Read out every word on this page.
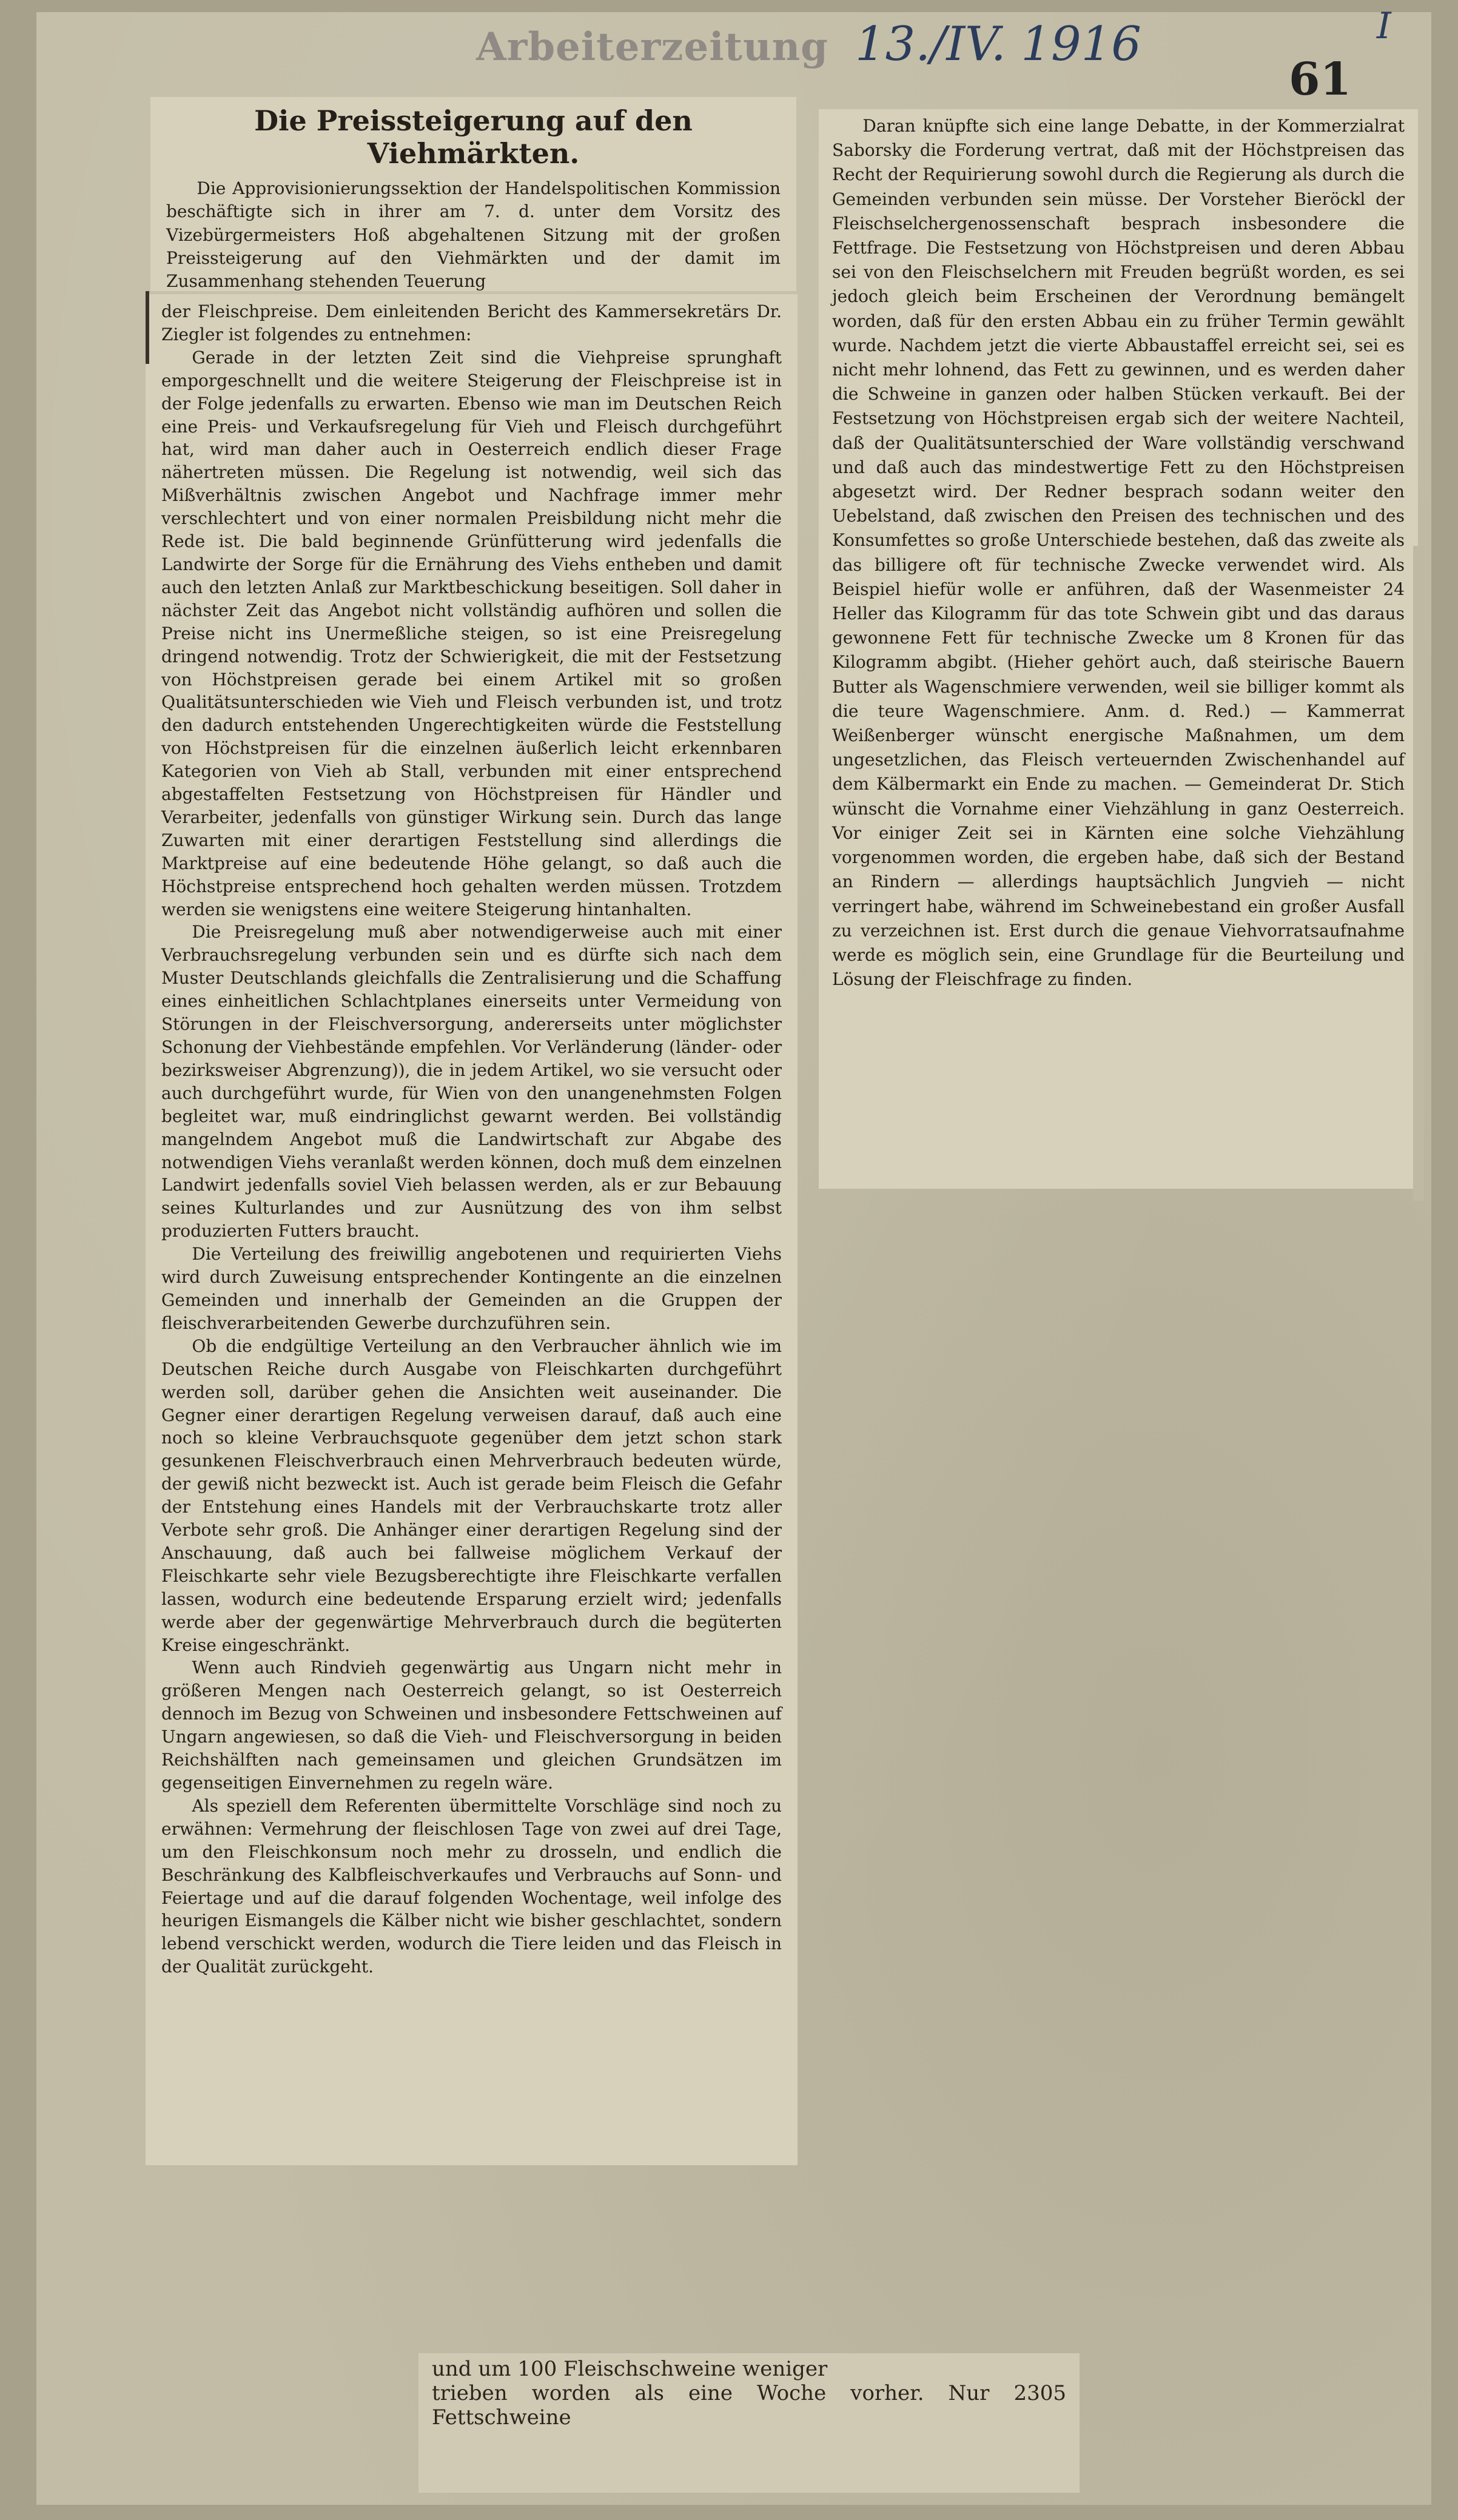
Arbeiterzeitung 13./IV. 1916	I
61
Die Preissteigerung auf den Viehmärkten.

Die Approvisionierungssektion der Handelspolitischen Kommission beschäftigte sich in ihrer am 7. d. unter dem Vorsitz des Vizebürgermeisters Hoß abgehaltenen Sitzung mit der großen Preissteigerung auf den Viehmärkten und der damit im Zusammenhang stehenden Teuerung

der Fleischpreise. Dem einleitenden Bericht des Kammersekretärs Dr. Ziegler ist folgendes zu entnehmen:

Gerade in der letzten Zeit sind die Viehpreise sprunghaft emporgeschnellt und die weitere Steigerung der Fleischpreise ist in der Folge jedenfalls zu erwarten. Ebenso wie man im Deutschen Reich eine Preis- und Verkaufsregelung für Vieh und Fleisch durchgeführt hat, wird man daher auch in Oesterreich endlich dieser Frage nähertreten müssen. Die Regelung ist notwendig, weil sich das Mißverhältnis zwischen Angebot und Nachfrage immer mehr verschlechtert und von einer normalen Preisbildung nicht mehr die Rede ist. Die bald beginnende Grünfütterung wird jedenfalls die Landwirte der Sorge für die Ernährung des Viehs entheben und damit auch den letzten Anlaß zur Marktbeschickung beseitigen. Soll daher in nächster Zeit das Angebot nicht vollständig aufhören und sollen die Preise nicht ins Unermeßliche steigen, so ist eine Preisregelung dringend notwendig. Trotz der Schwierigkeit, die mit der Festsetzung von Höchstpreisen gerade bei einem Artikel mit so großen Qualitätsunterschieden wie Vieh und Fleisch verbunden ist, und trotz den dadurch entstehenden Ungerechtigkeiten würde die Feststellung von Höchstpreisen für die einzelnen äußerlich leicht erkennbaren Kategorien von Vieh ab Stall, verbunden mit einer entsprechend abgestaffelten Festsetzung von Höchstpreisen für Händler und Verarbeiter, jedenfalls von günstiger Wirkung sein. Durch das lange Zuwarten mit einer derartigen Feststellung sind allerdings die Marktpreise auf eine bedeutende Höhe gelangt, so daß auch die Höchstpreise entsprechend hoch gehalten werden müssen. Trotzdem werden sie wenigstens eine weitere Steigerung hintanhalten.

Die Preisregelung muß aber notwendigerweise auch mit einer Verbrauchsregelung verbunden sein und es dürfte sich nach dem Muster Deutschlands gleichfalls die Zentralisierung und die Schaffung eines einheitlichen Schlachtplanes einerseits unter Vermeidung von Störungen in der Fleischversorgung, andererseits unter möglichster Schonung der Viehbestände empfehlen. Vor Verländerung (länder- oder bezirksweiser Abgrenzung)), die in jedem Artikel, wo sie versucht oder auch durchgeführt wurde, für Wien von den unangenehmsten Folgen begleitet war, muß eindringlichst gewarnt werden. Bei vollständig mangelndem Angebot muß die Landwirtschaft zur Abgabe des notwendigen Viehs veranlaßt werden können, doch muß dem einzelnen Landwirt jedenfalls soviel Vieh belassen werden, als er zur Bebauung seines Kulturlandes und zur Ausnützung des von ihm selbst produzierten Futters braucht.

Die Verteilung des freiwillig angebotenen und requirierten Viehs wird durch Zuweisung entsprechender Kontingente an die einzelnen Gemeinden und innerhalb der Gemeinden an die Gruppen der fleischverarbeitenden Gewerbe durchzuführen sein.

Ob die endgültige Verteilung an den Verbraucher ähnlich wie im Deutschen Reiche durch Ausgabe von Fleischkarten durchgeführt werden soll, darüber gehen die Ansichten weit auseinander. Die Gegner einer derartigen Regelung verweisen darauf, daß auch eine noch so kleine Verbrauchsquote gegenüber dem jetzt schon stark gesunkenen Fleischverbrauch einen Mehrverbrauch bedeuten würde, der gewiß nicht bezweckt ist. Auch ist gerade beim Fleisch die Gefahr der Entstehung eines Handels mit der Verbrauchskarte trotz aller Verbote sehr groß. Die Anhänger einer derartigen Regelung sind der Anschauung, daß auch bei fallweise möglichem Verkauf der Fleischkarte sehr viele Bezugsberechtigte ihre Fleischkarte verfallen lassen, wodurch eine bedeutende Ersparung erzielt wird; jedenfalls werde aber der gegenwärtige Mehrverbrauch durch die begüterten Kreise eingeschränkt.

Wenn auch Rindvieh gegenwärtig aus Ungarn nicht mehr in größeren Mengen nach Oesterreich gelangt, so ist Oesterreich dennoch im Bezug von Schweinen und insbesondere Fettschweinen auf Ungarn angewiesen, so daß die Vieh- und Fleischversorgung in beiden Reichshälften nach gemeinsamen und gleichen Grundsätzen im gegenseitigen Einvernehmen zu regeln wäre.

Als speziell dem Referenten übermittelte Vorschläge sind noch zu erwähnen: Vermehrung der fleischlosen Tage von zwei auf drei Tage, um den Fleischkonsum noch mehr zu drosseln, und endlich die Beschränkung des Kalbfleischverkaufes und Verbrauchs auf Sonn- und Feiertage und auf die darauf folgenden Wochentage, weil infolge des heurigen Eismangels die Kälber nicht wie bisher geschlachtet, sondern lebend verschickt werden, wodurch die Tiere leiden und das Fleisch in der Qualität zurückgeht.

Daran knüpfte sich eine lange Debatte, in der Kommerzialrat Saborsky die Forderung vertrat, daß mit der Höchstpreisen das Recht der Requirierung sowohl durch die Regierung als durch die Gemeinden verbunden sein müsse. Der Vorsteher Bieröckl der Fleischselchergenossenschaft besprach insbesondere die Fettfrage. Die Festsetzung von Höchstpreisen und deren Abbau sei von den Fleischselchern mit Freuden begrüßt worden, es sei jedoch gleich beim Erscheinen der Verordnung bemängelt worden, daß für den ersten Abbau ein zu früher Termin gewählt wurde. Nachdem jetzt die vierte Abbaustaffel erreicht sei, sei es nicht mehr lohnend, das Fett zu gewinnen, und es werden daher die Schweine in ganzen oder halben Stücken verkauft. Bei der Festsetzung von Höchstpreisen ergab sich der weitere Nachteil, daß der Qualitätsunterschied der Ware vollständig verschwand und daß auch das mindestwertige Fett zu den Höchstpreisen abgesetzt wird. Der Redner besprach sodann weiter den Uebelstand, daß zwischen den Preisen des technischen und des Konsumfettes so große Unterschiede bestehen, daß das zweite als das billigere oft für technische Zwecke verwendet wird. Als Beispiel hiefür wolle er anführen, daß der Wasenmeister 24 Heller das Kilogramm für das tote Schwein gibt und das daraus gewonnene Fett für technische Zwecke um 8 Kronen für das Kilogramm abgibt. (Hieher gehört auch, daß steirische Bauern Butter als Wagenschmiere verwenden, weil sie billiger kommt als die teure Wagenschmiere. Anm. d. Red.) — Kammerrat Weißenberger wünscht energische Maßnahmen, um dem ungesetzlichen, das Fleisch verteuernden Zwischenhandel auf dem Kälbermarkt ein Ende zu machen. — Gemeinderat Dr. Stich wünscht die Vornahme einer Viehzählung in ganz Oesterreich. Vor einiger Zeit sei in Kärnten eine solche Viehzählung vorgenommen worden, die ergeben habe, daß sich der Bestand an Rindern — allerdings hauptsächlich Jungvieh — nicht verringert habe, während im Schweinebestand ein großer Ausfall zu verzeichnen ist. Erst durch die genaue Viehvorratsaufnahme werde es möglich sein, eine Grundlage für die Beurteilung und Lösung der Fleischfrage zu finden.

und um 100 Fleischschweine weniger
trieben worden als eine Woche vorher. Nur 2305 Fettschweine
